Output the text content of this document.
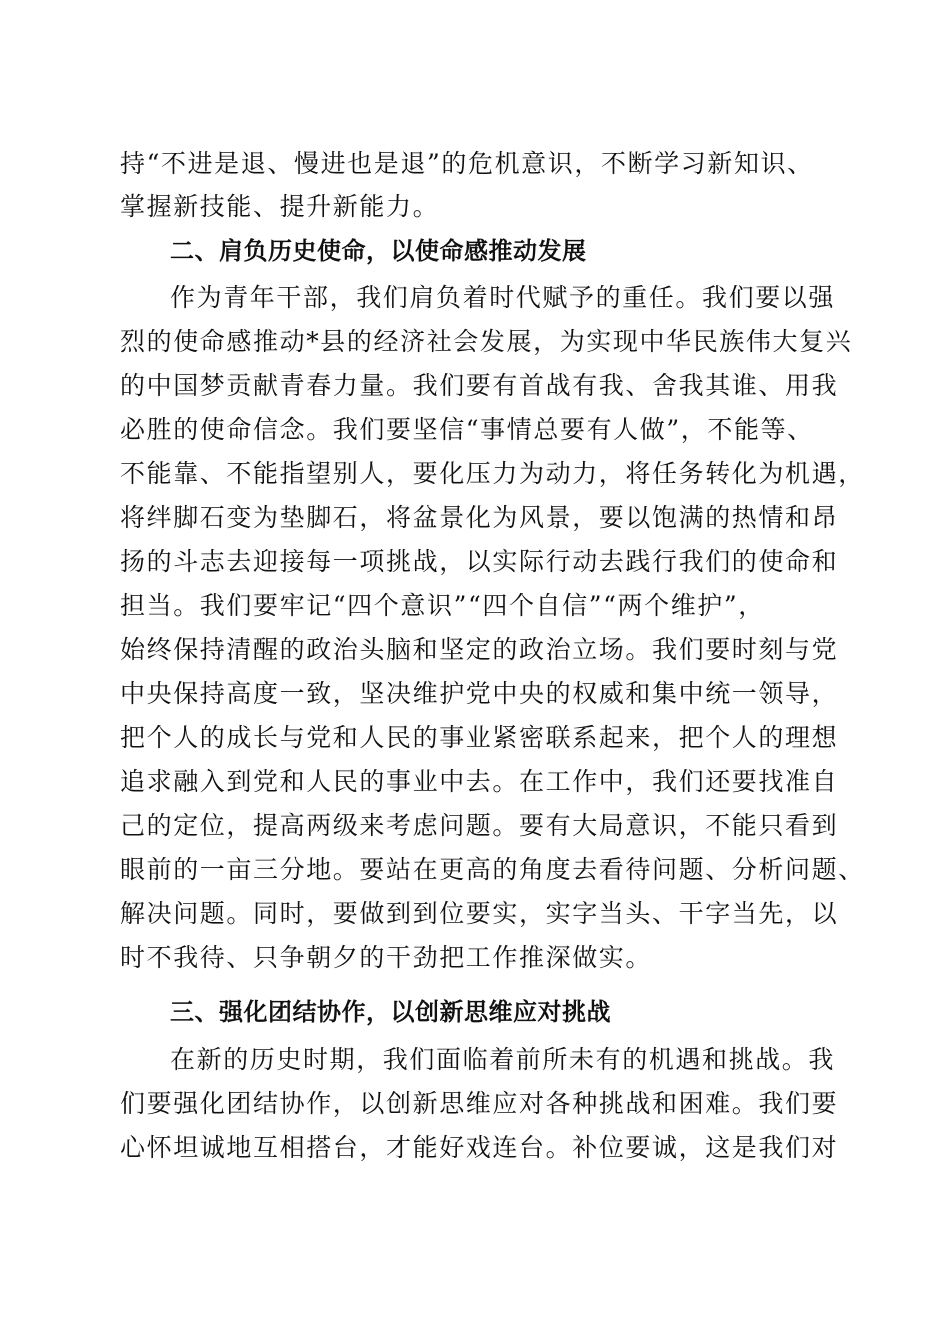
持“不进是退、慢进也是退”的危机意识，不断学习新知识、
掌握新技能、提升新能力。
二、肩负历史使命，以使命感推动发展
作为青年干部，我们肩负着时代赋予的重任。我们要以强
烈的使命感推动*县的经济社会发展，为实现中华民族伟大复兴
的中国梦贡献青春力量。我们要有首战有我、舍我其谁、用我
必胜的使命信念。我们要坚信“事情总要有人做”，不能等、
不能靠、不能指望别人，要化压力为动力，将任务转化为机遇，
将绊脚石变为垫脚石，将盆景化为风景，要以饱满的热情和昂
扬的斗志去迎接每一项挑战，以实际行动去践行我们的使命和
担当。我们要牢记“四个意识”“四个自信”“两个维护”，
始终保持清醒的政治头脑和坚定的政治立场。我们要时刻与党
中央保持高度一致，坚决维护党中央的权威和集中统一领导，
把个人的成长与党和人民的事业紧密联系起来，把个人的理想
追求融入到党和人民的事业中去。在工作中，我们还要找准自
己的定位，提高两级来考虑问题。要有大局意识，不能只看到
眼前的一亩三分地。要站在更高的角度去看待问题、分析问题、
解决问题。同时，要做到到位要实，实字当头、干字当先，以
时不我待、只争朝夕的干劲把工作推深做实。
三、强化团结协作，以创新思维应对挑战
在新的历史时期，我们面临着前所未有的机遇和挑战。我
们要强化团结协作，以创新思维应对各种挑战和困难。我们要
心怀坦诚地互相搭台，才能好戏连台。补位要诚，这是我们对
